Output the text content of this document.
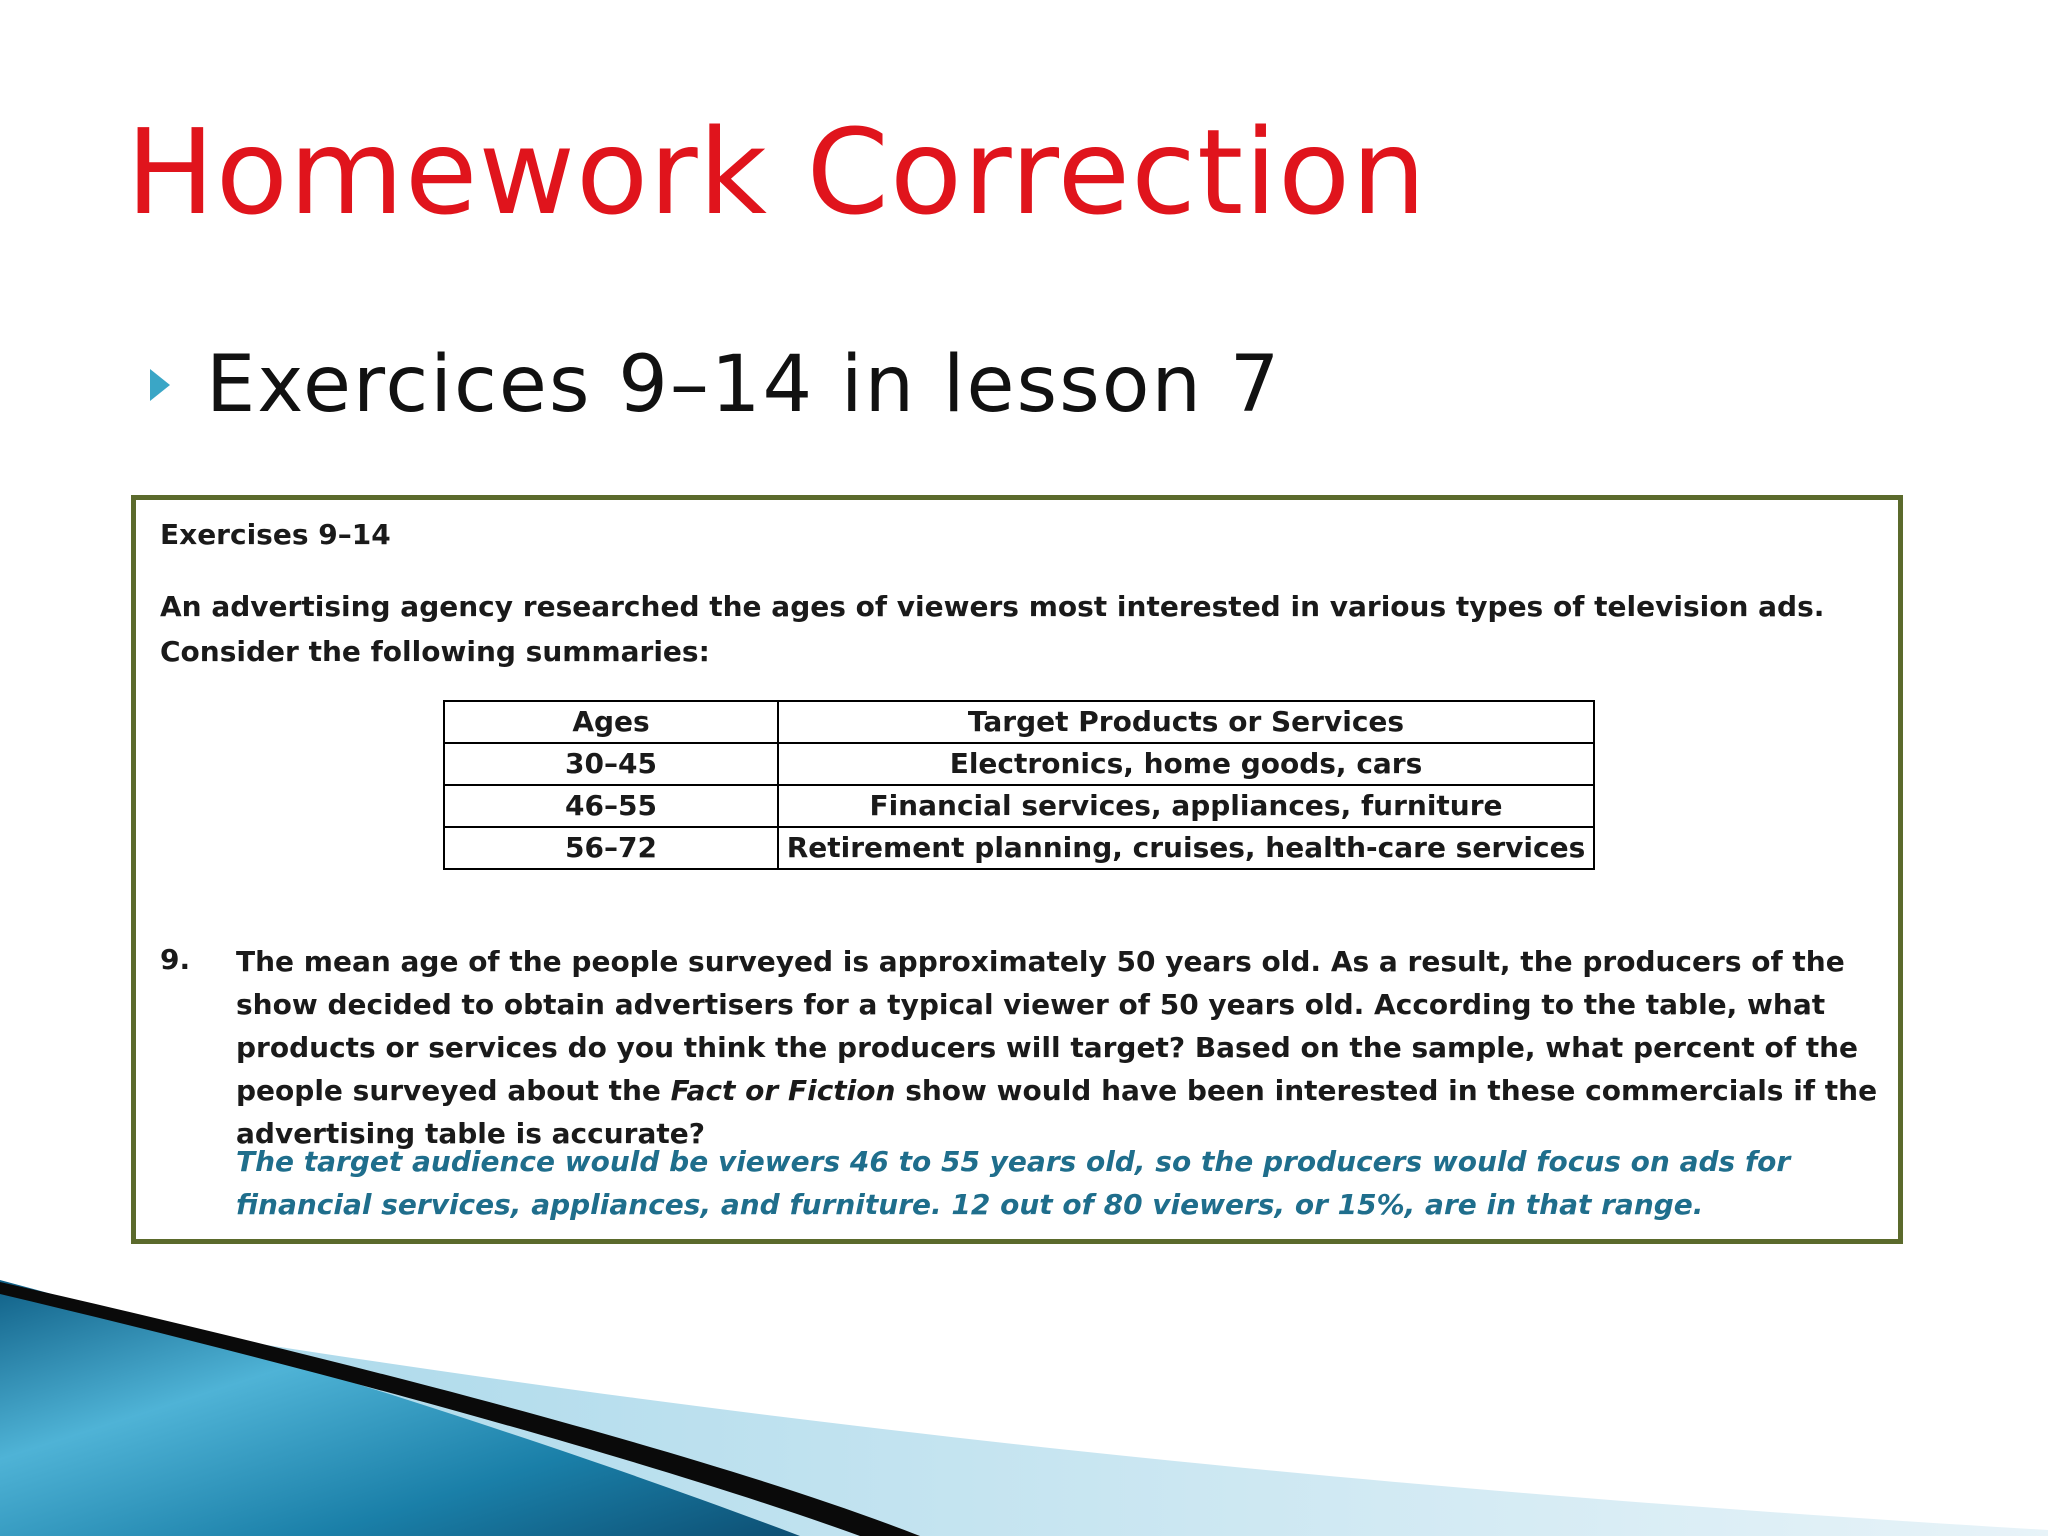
Homework Correction
Exercices 9–14 in lesson 7
Exercises 9–14
An advertising agency researched the ages of viewers most interested in various types of television ads. Consider the following summaries:
Ages	Target Products or Services
30–45	Electronics, home goods, cars
46–55	Financial services, appliances, furniture
56–72	Retirement planning, cruises, health-care services
9. The mean age of the people surveyed is approximately 50 years old. As a result, the producers of the show decided to obtain advertisers for a typical viewer of 50 years old. According to the table, what products or services do you think the producers will target? Based on the sample, what percent of the people surveyed about the Fact or Fiction show would have been interested in these commercials if the advertising table is accurate?
The target audience would be viewers 46 to 55 years old, so the producers would focus on ads for financial services, appliances, and furniture. 12 out of 80 viewers, or 15%, are in that range.
